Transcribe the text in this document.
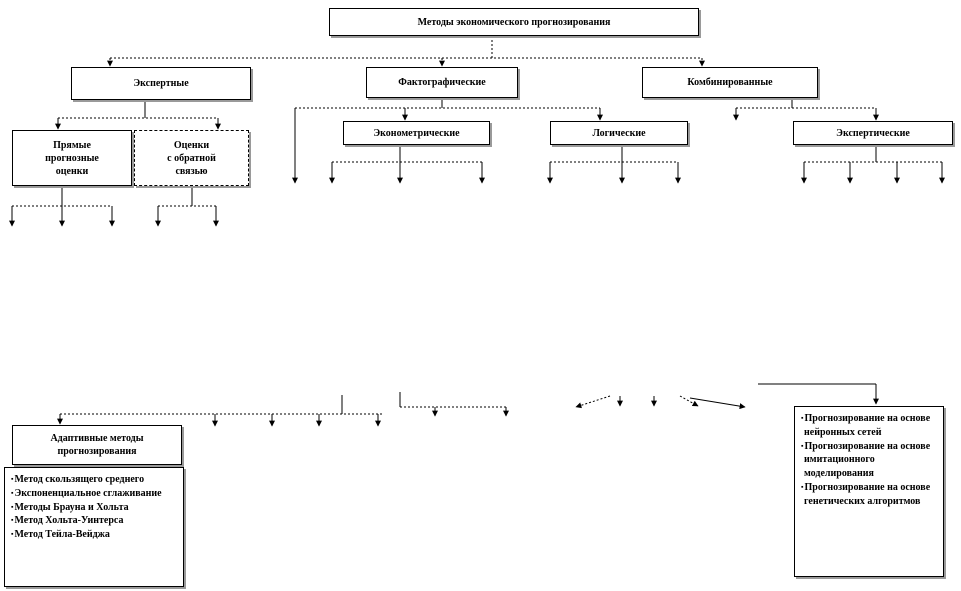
Методы экономического прогнозирования
Экспертные	Фактографические	Комбинированные
Прямые
прогнозные
оценки
Оценки
с обратной
связью
Эконометрические	Логические	Экспертические
Адаптивные методы
прогнозирования
▪ Метод скользящего среднего
▪ Экспоненциальное сглаживание
▪ Методы Брауна и Хольта
▪ Метод Хольта-Уинтерса
▪ Метод Тейла-Вейджа
▪ Прогнозирование на основе нейронных сетей
▪ Прогнозирование на основе имитационного моделирования
▪ Прогнозирование на основе генетических алгоритмов
